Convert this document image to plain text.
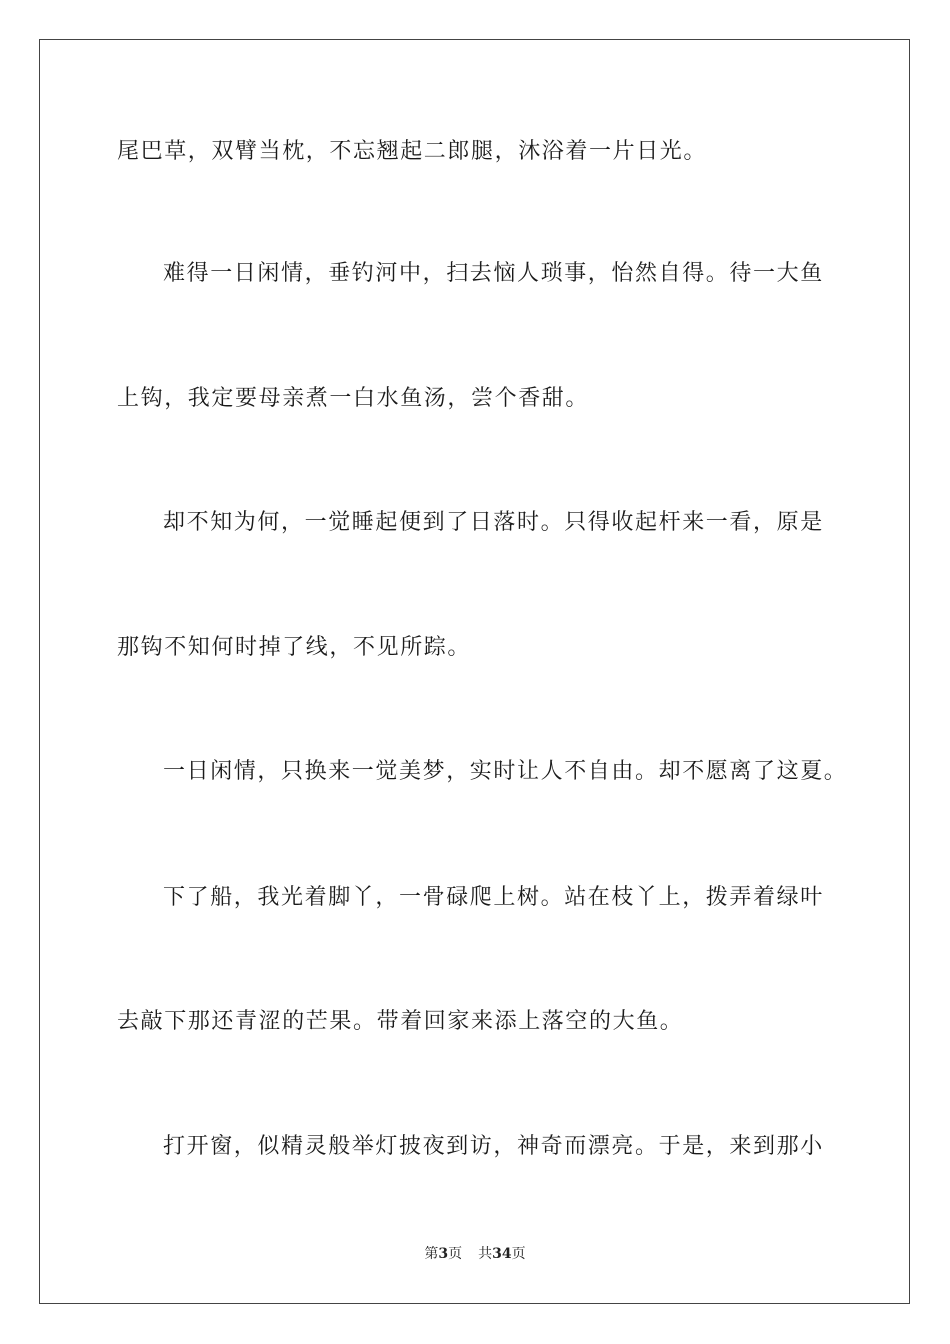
尾巴草，双臂当枕，不忘翘起二郎腿，沐浴着一片日光。
难得一日闲情，垂钓河中，扫去恼人琐事，怡然自得。待一大鱼
上钩，我定要母亲煮一白水鱼汤，尝个香甜。
却不知为何，一觉睡起便到了日落时。只得收起杆来一看，原是
那钩不知何时掉了线，不见所踪。
一日闲情，只换来一觉美梦，实时让人不自由。却不愿离了这夏。
下了船，我光着脚丫，一骨碌爬上树。站在枝丫上，拨弄着绿叶
去敲下那还青涩的芒果。带着回家来添上落空的大鱼。
打开窗，似精灵般举灯披夜到访，神奇而漂亮。于是，来到那小
第3页 共34页
